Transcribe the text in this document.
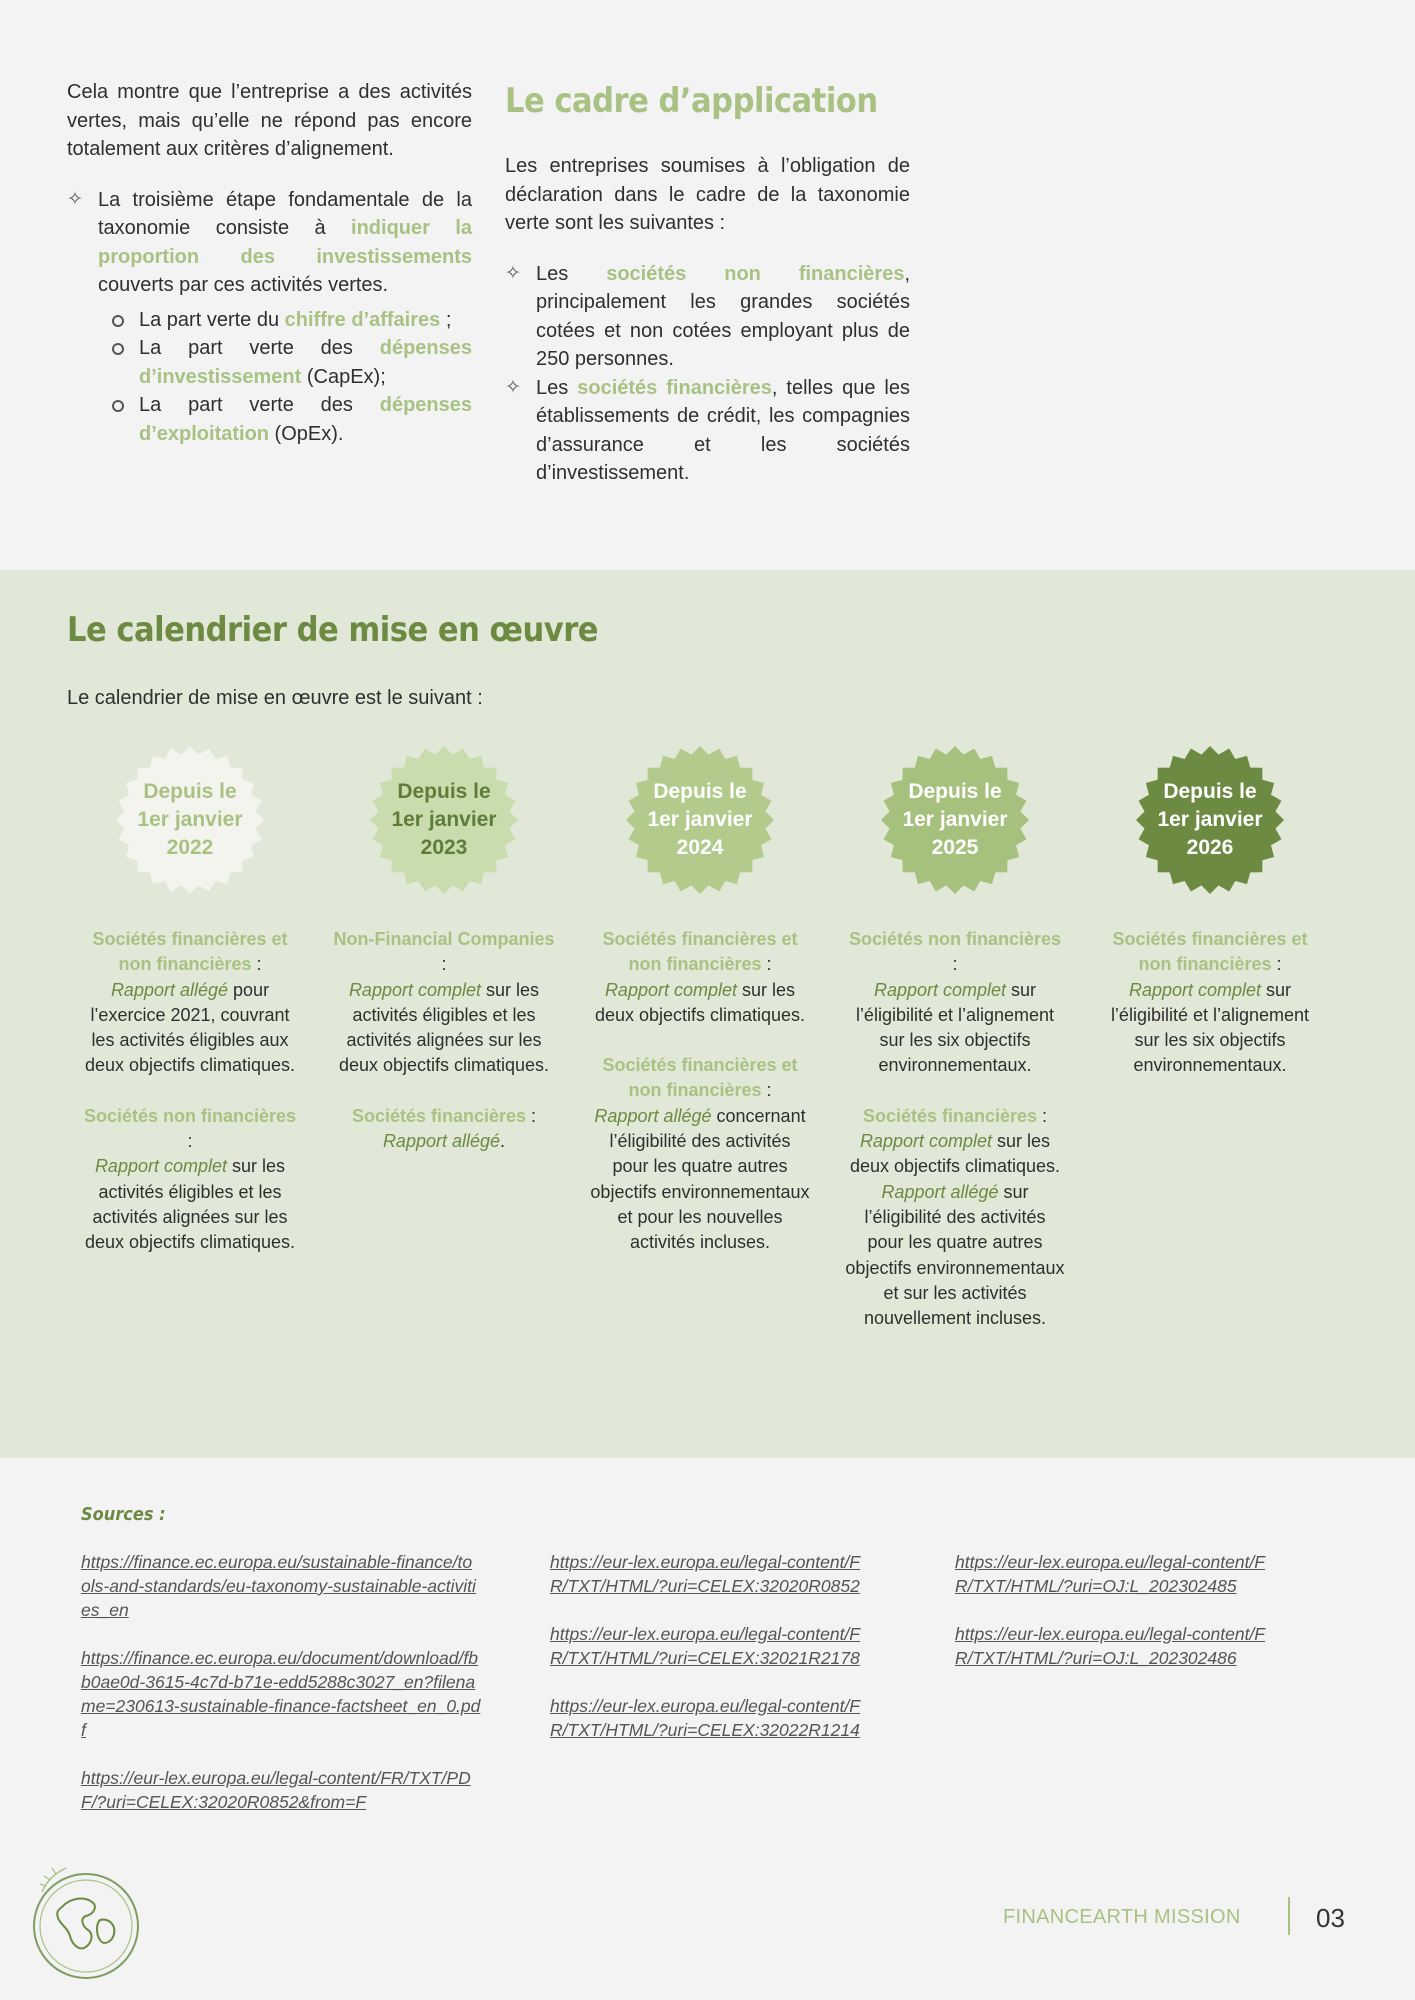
Cela montre que l’entreprise a des activités vertes, mais qu’elle ne répond pas encore totalement aux critères d’alignement.

✧ La troisième étape fondamentale de la taxonomie consiste à indiquer la proportion des investissements couverts par ces activités vertes.
La part verte du chiffre d’affaires ;
La part verte des dépenses d’investissement (CapEx);
La part verte des dépenses d’exploitation (OpEx).
Le cadre d’application

Les entreprises soumises à l’obligation de déclaration dans le cadre de la taxonomie verte sont les suivantes :

✧ Les sociétés non financières, principalement les grandes sociétés cotées et non cotées employant plus de 250 personnes.
✧ Les sociétés financières, telles que les établissements de crédit, les compagnies d’assurance et les sociétés d’investissement.
Le calendrier de mise en œuvre
Le calendrier de mise en œuvre est le suivant :
Depuis le
1er janvier
2022

Sociétés financières et non financières :
Rapport allégé pour l’exercice 2021, couvrant les activités éligibles aux deux objectifs climatiques.

Sociétés non financières :
Rapport complet sur les activités éligibles et les activités alignées sur les deux objectifs climatiques.

Depuis le
1er janvier
2023

Non-Financial Companies :
Rapport complet sur les activités éligibles et les activités alignées sur les deux objectifs climatiques.

Sociétés financières :
Rapport allégé.

Depuis le
1er janvier
2024

Sociétés financières et non financières :
Rapport complet sur les deux objectifs climatiques.

Sociétés financières et non financières :
Rapport allégé concernant l’éligibilité des activités pour les quatre autres objectifs environnementaux et pour les nouvelles activités incluses.

Depuis le
1er janvier
2025

Sociétés non financières :
Rapport complet sur l’éligibilité et l’alignement sur les six objectifs environnementaux.

Sociétés financières :
Rapport complet sur les deux objectifs climatiques.
Rapport allégé sur l’éligibilité des activités pour les quatre autres objectifs environnementaux et sur les activités nouvellement incluses.

Depuis le
1er janvier
2026

Sociétés financières et non financières :
Rapport complet sur l’éligibilité et l’alignement sur les six objectifs environnementaux.

Sources :
https://finance.ec.europa.eu/sustainable-finance/tools-and-standards/eu-taxonomy-sustainable-activities_en
https://finance.ec.europa.eu/document/download/fbb0ae0d-3615-4c7d-b71e-edd5288c3027_en?filename=230613-sustainable-finance-factsheet_en_0.pdf
https://eur-lex.europa.eu/legal-content/FR/TXT/PDF/?uri=CELEX:32020R0852&from=F
https://eur-lex.europa.eu/legal-content/FR/TXT/HTML/?uri=CELEX:32020R0852
https://eur-lex.europa.eu/legal-content/FR/TXT/HTML/?uri=CELEX:32021R2178
https://eur-lex.europa.eu/legal-content/FR/TXT/HTML/?uri=CELEX:32022R1214
https://eur-lex.europa.eu/legal-content/FR/TXT/HTML/?uri=OJ:L_202302485
https://eur-lex.europa.eu/legal-content/FR/TXT/HTML/?uri=OJ:L_202302486
FINANCEARTH MISSION	03
